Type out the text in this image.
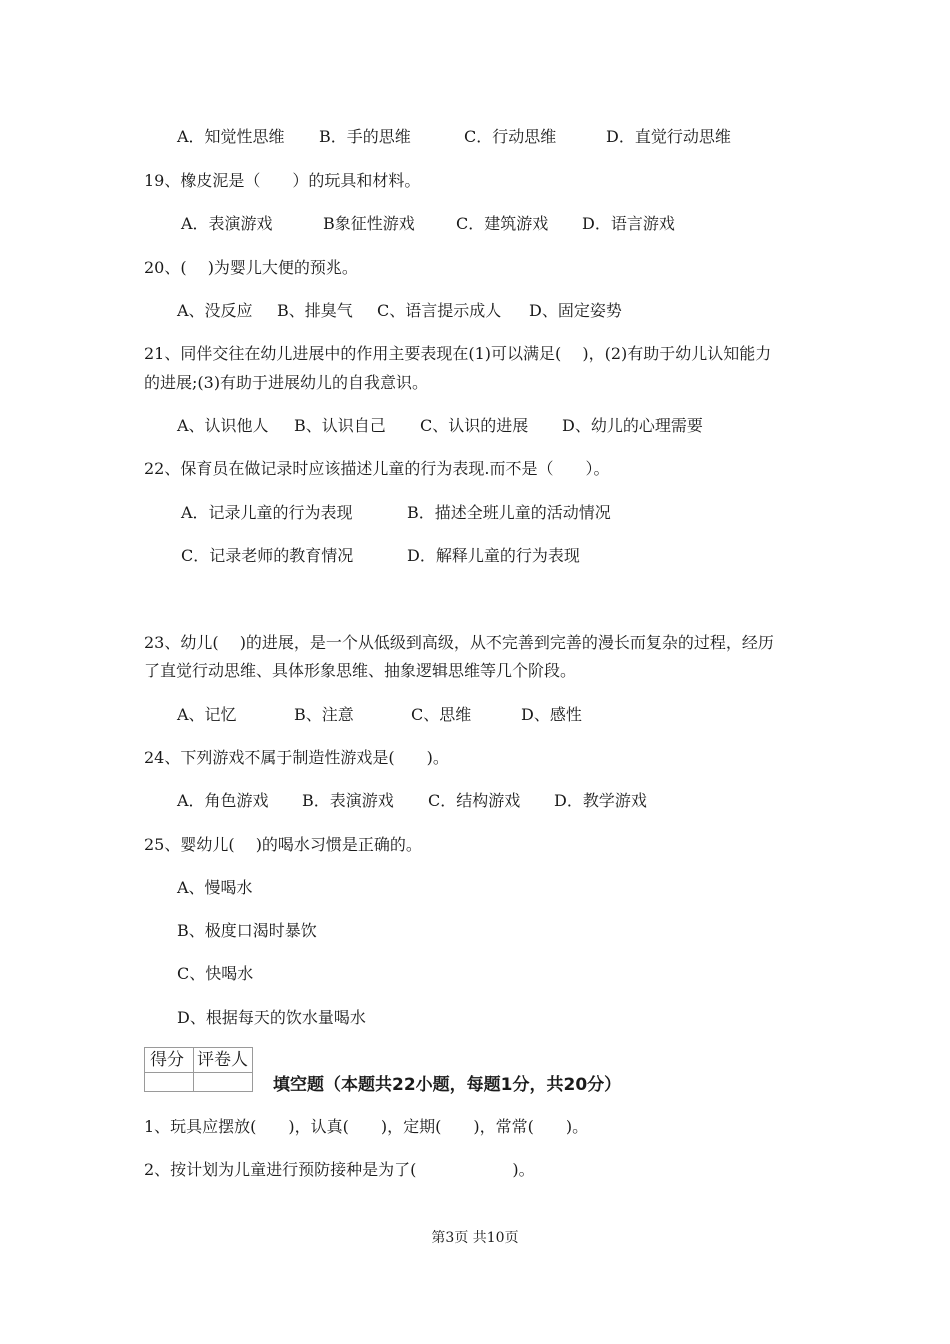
A．知觉性思维 B．手的思维	C．行动思维	D．直觉行动思维
19、橡皮泥是（　　）的玩具和材料。
A．表演游戏	B象征性游戏	C．建筑游戏 D．语言游戏
20、(　 )为婴儿大便的预兆。
A、没反应 B、排臭气 C、语言提示成人 D、固定姿势
21、同伴交往在幼儿进展中的作用主要表现在(1)可以满足(　 )，(2)有助于幼儿认知能力
的进展;(3)有助于进展幼儿的自我意识。
A、认识他人 B、认识自己 C、认识的进展 D、幼儿的心理需要
22、保育员在做记录时应该描述儿童的行为表现.而不是（　　）。
A．记录儿童的行为表现	B．描述全班儿童的活动情况
C．记录老师的教育情况	D．解释儿童的行为表现
23、幼儿(　 )的进展，是一个从低级到高级，从不完善到完善的漫长而复杂的过程，经历
了直觉行动思维、具体形象思维、抽象逻辑思维等几个阶段。
A、记忆	B、注意	C、思维	D、感性
24、下列游戏不属于制造性游戏是(　　)。
A．角色游戏 B．表演游戏 C．结构游戏 D．教学游戏
25、婴幼儿(　 )的喝水习惯是正确的。
A、慢喝水
B、极度口渴时暴饮
C、快喝水
D、根据每天的饮水量喝水
得分 评卷人
填空题（本题共22小题，每题1分，共20分）
1、玩具应摆放(　　)，认真(　　)，定期(　　)，常常(　　)。
2、按计划为儿童进行预防接种是为了(　　　　　　)。
第3页 共10页
